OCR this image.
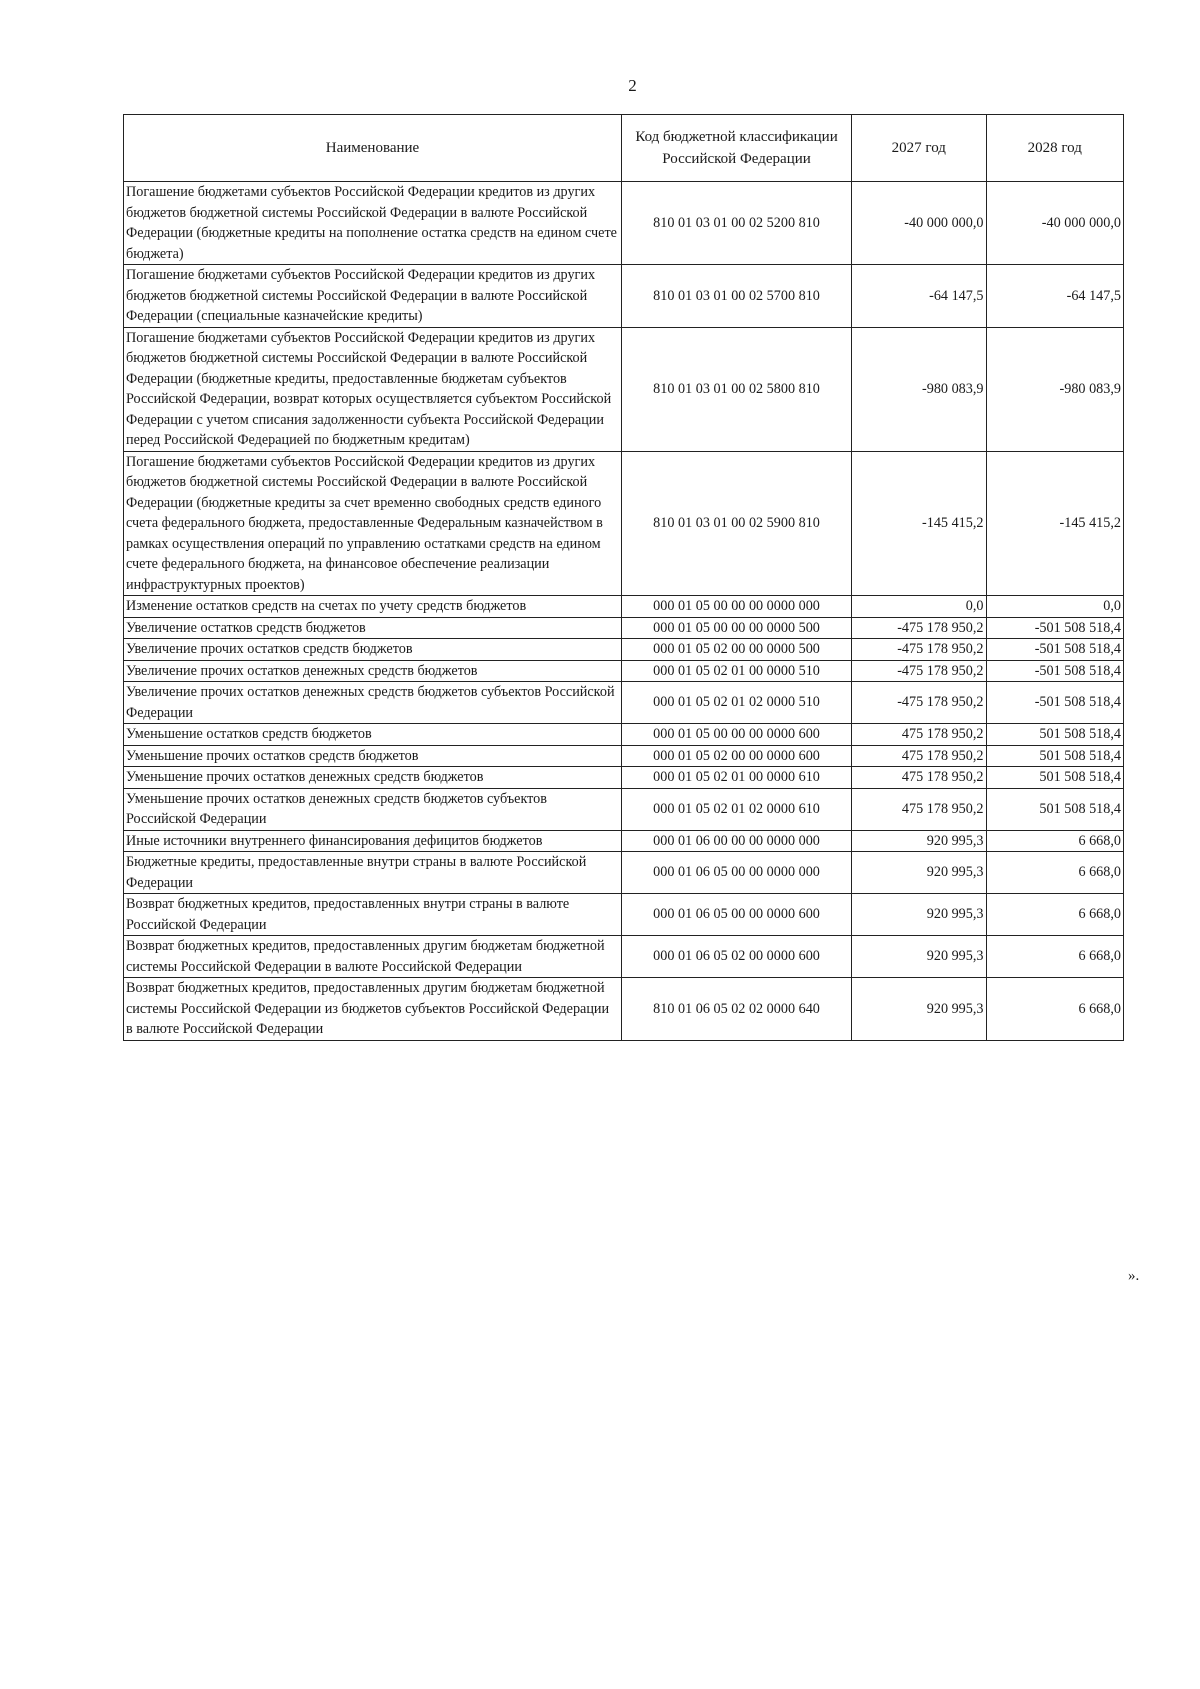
2
Наименование	Код бюджетной классификации Российской Федерации	2027 год	2028 год
Погашение бюджетами субъектов Российской Федерации кредитов из других бюджетов бюджетной системы Российской Федерации в валюте Российской Федерации (бюджетные кредиты на пополнение остатка средств на едином счете бюджета)	810 01 03 01 00 02 5200 810	-40 000 000,0	-40 000 000,0
Погашение бюджетами субъектов Российской Федерации кредитов из других бюджетов бюджетной системы Российской Федерации в валюте Российской Федерации (специальные казначейские кредиты)	810 01 03 01 00 02 5700 810	-64 147,5	-64 147,5
Погашение бюджетами субъектов Российской Федерации кредитов из других бюджетов бюджетной системы Российской Федерации в валюте Российской Федерации (бюджетные кредиты, предоставленные бюджетам субъектов Российской Федерации, возврат которых осуществляется субъектом Российской Федерации с учетом списания задолженности субъекта Российской Федерации перед Российской Федерацией по бюджетным кредитам)	810 01 03 01 00 02 5800 810	-980 083,9	-980 083,9
Погашение бюджетами субъектов Российской Федерации кредитов из других бюджетов бюджетной системы Российской Федерации в валюте Российской Федерации (бюджетные кредиты за счет временно свободных средств единого счета федерального бюджета, предоставленные Федеральным казначейством в рамках осуществления операций по управлению остатками средств на едином счете федерального бюджета, на финансовое обеспечение реализации инфраструктурных проектов)	810 01 03 01 00 02 5900 810	-145 415,2	-145 415,2
Изменение остатков средств на счетах по учету средств бюджетов	000 01 05 00 00 00 0000 000	0,0	0,0
Увеличение остатков средств бюджетов	000 01 05 00 00 00 0000 500	-475 178 950,2	-501 508 518,4
Увеличение прочих остатков средств бюджетов	000 01 05 02 00 00 0000 500	-475 178 950,2	-501 508 518,4
Увеличение прочих остатков денежных средств бюджетов	000 01 05 02 01 00 0000 510	-475 178 950,2	-501 508 518,4
Увеличение прочих остатков денежных средств бюджетов субъектов Российской Федерации	000 01 05 02 01 02 0000 510	-475 178 950,2	-501 508 518,4
Уменьшение остатков средств бюджетов	000 01 05 00 00 00 0000 600	475 178 950,2	501 508 518,4
Уменьшение прочих остатков средств бюджетов	000 01 05 02 00 00 0000 600	475 178 950,2	501 508 518,4
Уменьшение прочих остатков денежных средств бюджетов	000 01 05 02 01 00 0000 610	475 178 950,2	501 508 518,4
Уменьшение прочих остатков денежных средств бюджетов субъектов Российской Федерации	000 01 05 02 01 02 0000 610	475 178 950,2	501 508 518,4
Иные источники внутреннего финансирования дефицитов бюджетов	000 01 06 00 00 00 0000 000	920 995,3	6 668,0
Бюджетные кредиты, предоставленные внутри страны в валюте Российской Федерации	000 01 06 05 00 00 0000 000	920 995,3	6 668,0
Возврат бюджетных кредитов, предоставленных внутри страны в валюте Российской Федерации	000 01 06 05 00 00 0000 600	920 995,3	6 668,0
Возврат бюджетных кредитов, предоставленных другим бюджетам бюджетной системы Российской Федерации в валюте Российской Федерации	000 01 06 05 02 00 0000 600	920 995,3	6 668,0
Возврат бюджетных кредитов, предоставленных другим бюджетам бюджетной системы Российской Федерации из бюджетов субъектов Российской Федерации в валюте Российской Федерации	810 01 06 05 02 02 0000 640	920 995,3	6 668,0
».
